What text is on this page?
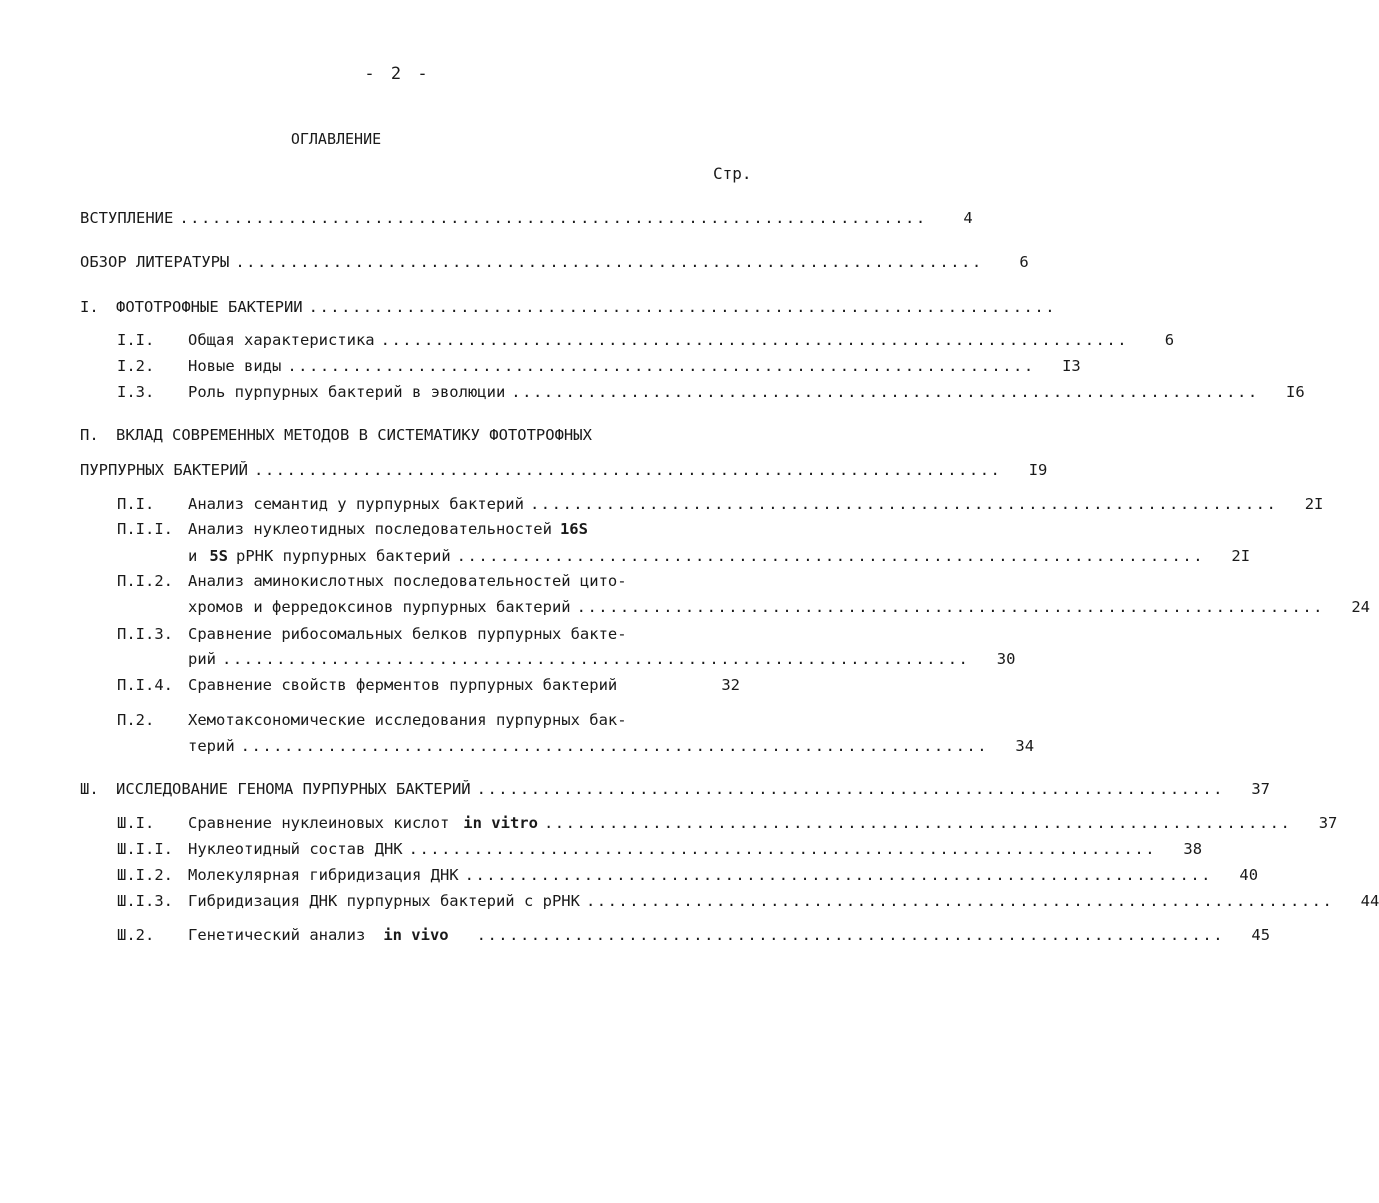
- 2 -
ОГЛАВЛЕНИЕ
Стр.
ВСТУПЛЕНИЕ .....................................................................	4
ОБЗОР ЛИТЕРАТУРЫ .....................................................................	6
I.	ФОТОТРОФНЫЕ БАКТЕРИИ .....................................................................
I.I.	Общая характеристика .....................................................................	6
I.2.	Новые виды .....................................................................	I3
I.3.	Роль пурпурных бактерий в эволюции .....................................................................	I6
П.	ВКЛАД СОВРЕМЕННЫХ МЕТОДОВ В СИСТЕМАТИКУ ФОТОТРОФНЫХ
ПУРПУРНЫХ БАКТЕРИЙ .....................................................................	I9
П.I.	Анализ семантид у пурпурных бактерий .....................................................................	2I
П.I.I. Анализ нуклеотидных последовательностей 16S
и 5S рРНК пурпурных бактерий .....................................................................	2I
П.I.2. Анализ аминокислотных последовательностей цито-
хромов и ферредоксинов пурпурных бактерий .....................................................................	24
П.I.3. Сравнение рибосомальных белков пурпурных бакте-
рий .....................................................................	30
П.I.4. Сравнение свойств ферментов пурпурных бактерий	32
П.2.	Хемотаксономические исследования пурпурных бак-
терий .....................................................................	34
Ш.	ИССЛЕДОВАНИЕ ГЕНОМА ПУРПУРНЫХ БАКТЕРИЙ .....................................................................	37
Ш.I.	Сравнение нуклеиновых кислот in vitro .....................................................................	37
Ш.I.I. Нуклеотидный состав ДНК .....................................................................	38
Ш.I.2. Молекулярная гибридизация ДНК .....................................................................	40
Ш.I.3. Гибридизация ДНК пурпурных бактерий с рРНК .....................................................................	44
Ш.2.	Генетический анализ in vivo	.....................................................................	45
